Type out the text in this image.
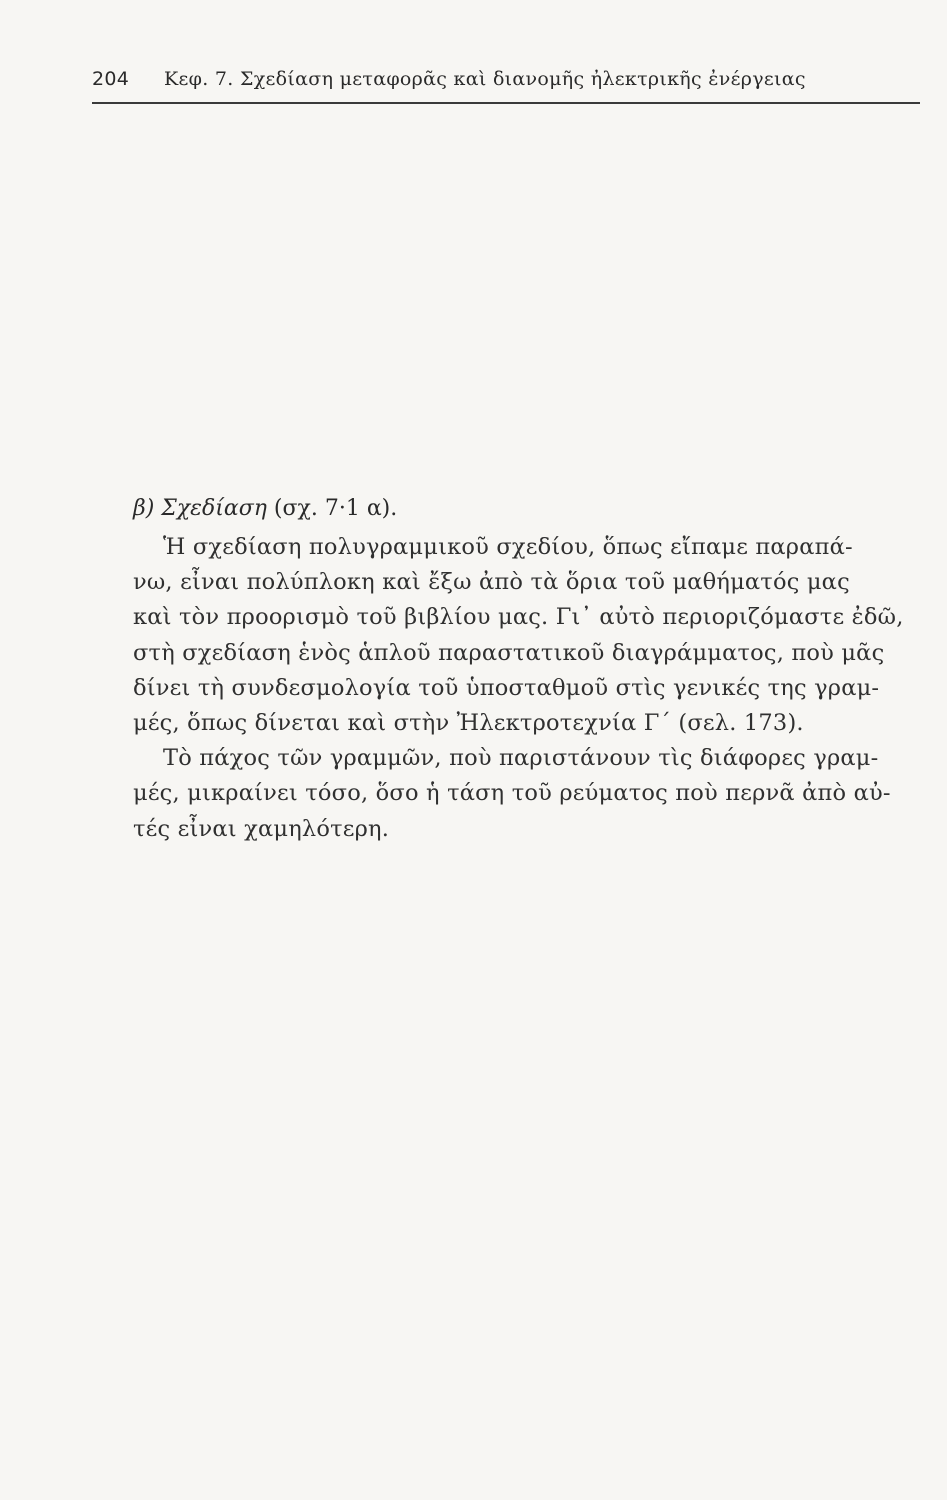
204	Κεφ. 7. Σχεδίαση μεταφορᾶς καὶ διανομῆς ἠλεκτρικῆς ἐνέργειας
β) Σχεδίαση (σχ. 7·1 α).

Ἡ σχεδίαση πολυγραμμικοῦ σχεδίου, ὅπως εἴπαμε παραπά-
νω, εἶναι πολύπλοκη καὶ ἔξω ἀπὸ τὰ ὅρια τοῦ μαθήματός μας
καὶ τὸν προορισμὸ τοῦ βιβλίου μας. Γι᾽ αὐτὸ περιοριζόμαστε ἐδῶ,
στὴ σχεδίαση ἑνὸς ἁπλοῦ παραστατικοῦ διαγράμματος, ποὺ μᾶς
δίνει τὴ συνδεσμολογία τοῦ ὑποσταθμοῦ στὶς γενικές της γραμ-
μές, ὅπως δίνεται καὶ στὴν Ἠλεκτροτεχνία Γ´ (σελ. 173).

Τὸ πάχος τῶν γραμμῶν, ποὺ παριστάνουν τὶς διάφορες γραμ-
μές, μικραίνει τόσο, ὅσο ἡ τάση τοῦ ρεύματος ποὺ περνᾶ ἀπὸ αὐ-
τές εἶναι χαμηλότερη.
